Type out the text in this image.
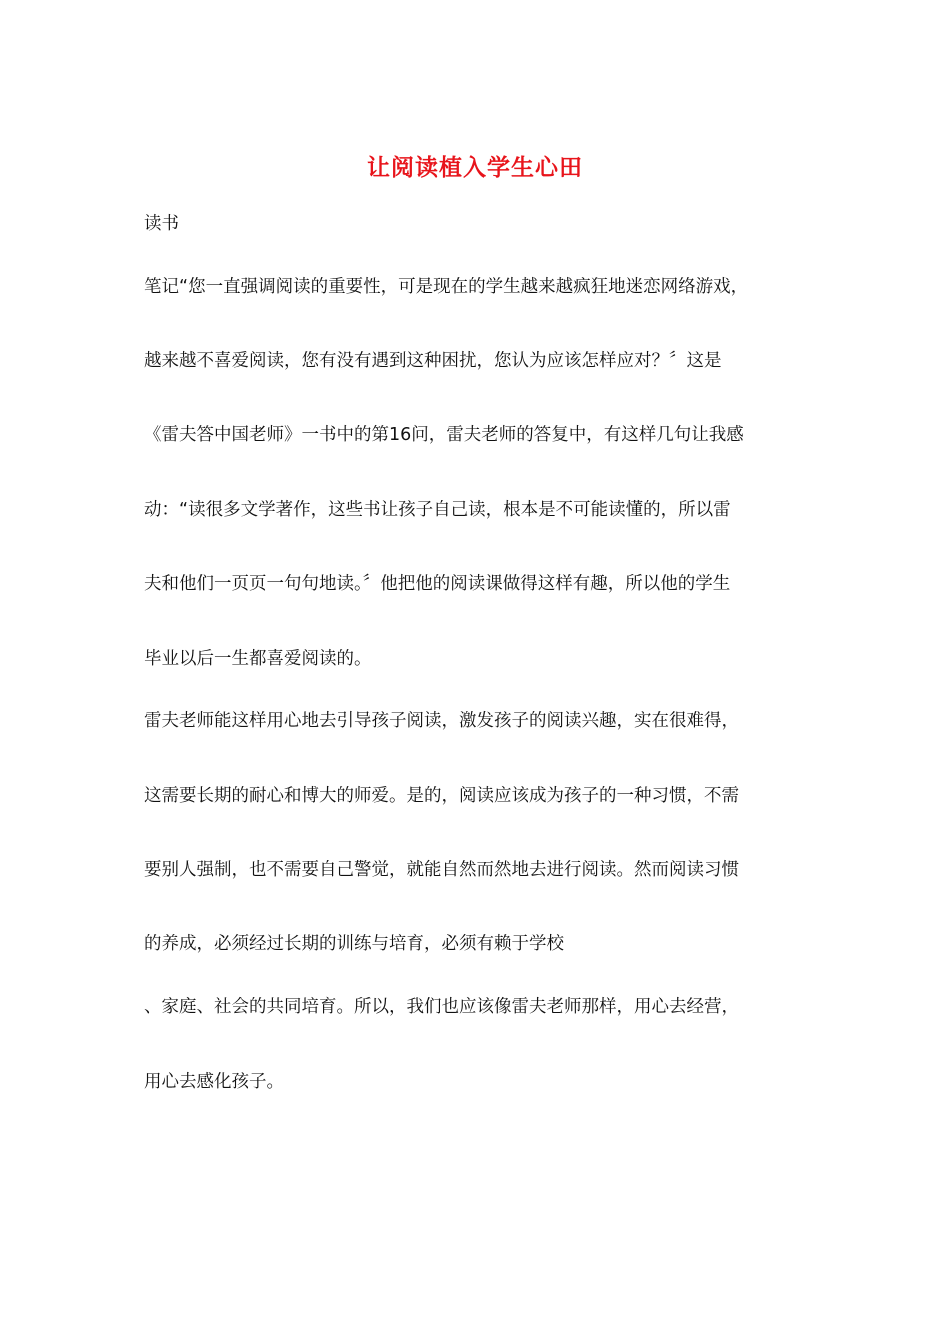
让阅读植入学生心田
读书
笔记“您一直强调阅读的重要性，可是现在的学生越来越疯狂地迷恋网络游戏，
越来越不喜爱阅读，您有没有遇到这种困扰，您认为应该怎样应对？〞这是
《雷夫答中国老师》一书中的第16问，雷夫老师的答复中，有这样几句让我感
动：“读很多文学著作，这些书让孩子自己读，根本是不可能读懂的，所以雷
夫和他们一页页一句句地读。〞他把他的阅读课做得这样有趣，所以他的学生
毕业以后一生都喜爱阅读的。
雷夫老师能这样用心地去引导孩子阅读，激发孩子的阅读兴趣，实在很难得，
这需要长期的耐心和博大的师爱。是的，阅读应该成为孩子的一种习惯，不需
要别人强制，也不需要自己警觉，就能自然而然地去进行阅读。然而阅读习惯
的养成，必须经过长期的训练与培育，必须有赖于学校
、家庭、社会的共同培育。所以，我们也应该像雷夫老师那样，用心去经营，
用心去感化孩子。
